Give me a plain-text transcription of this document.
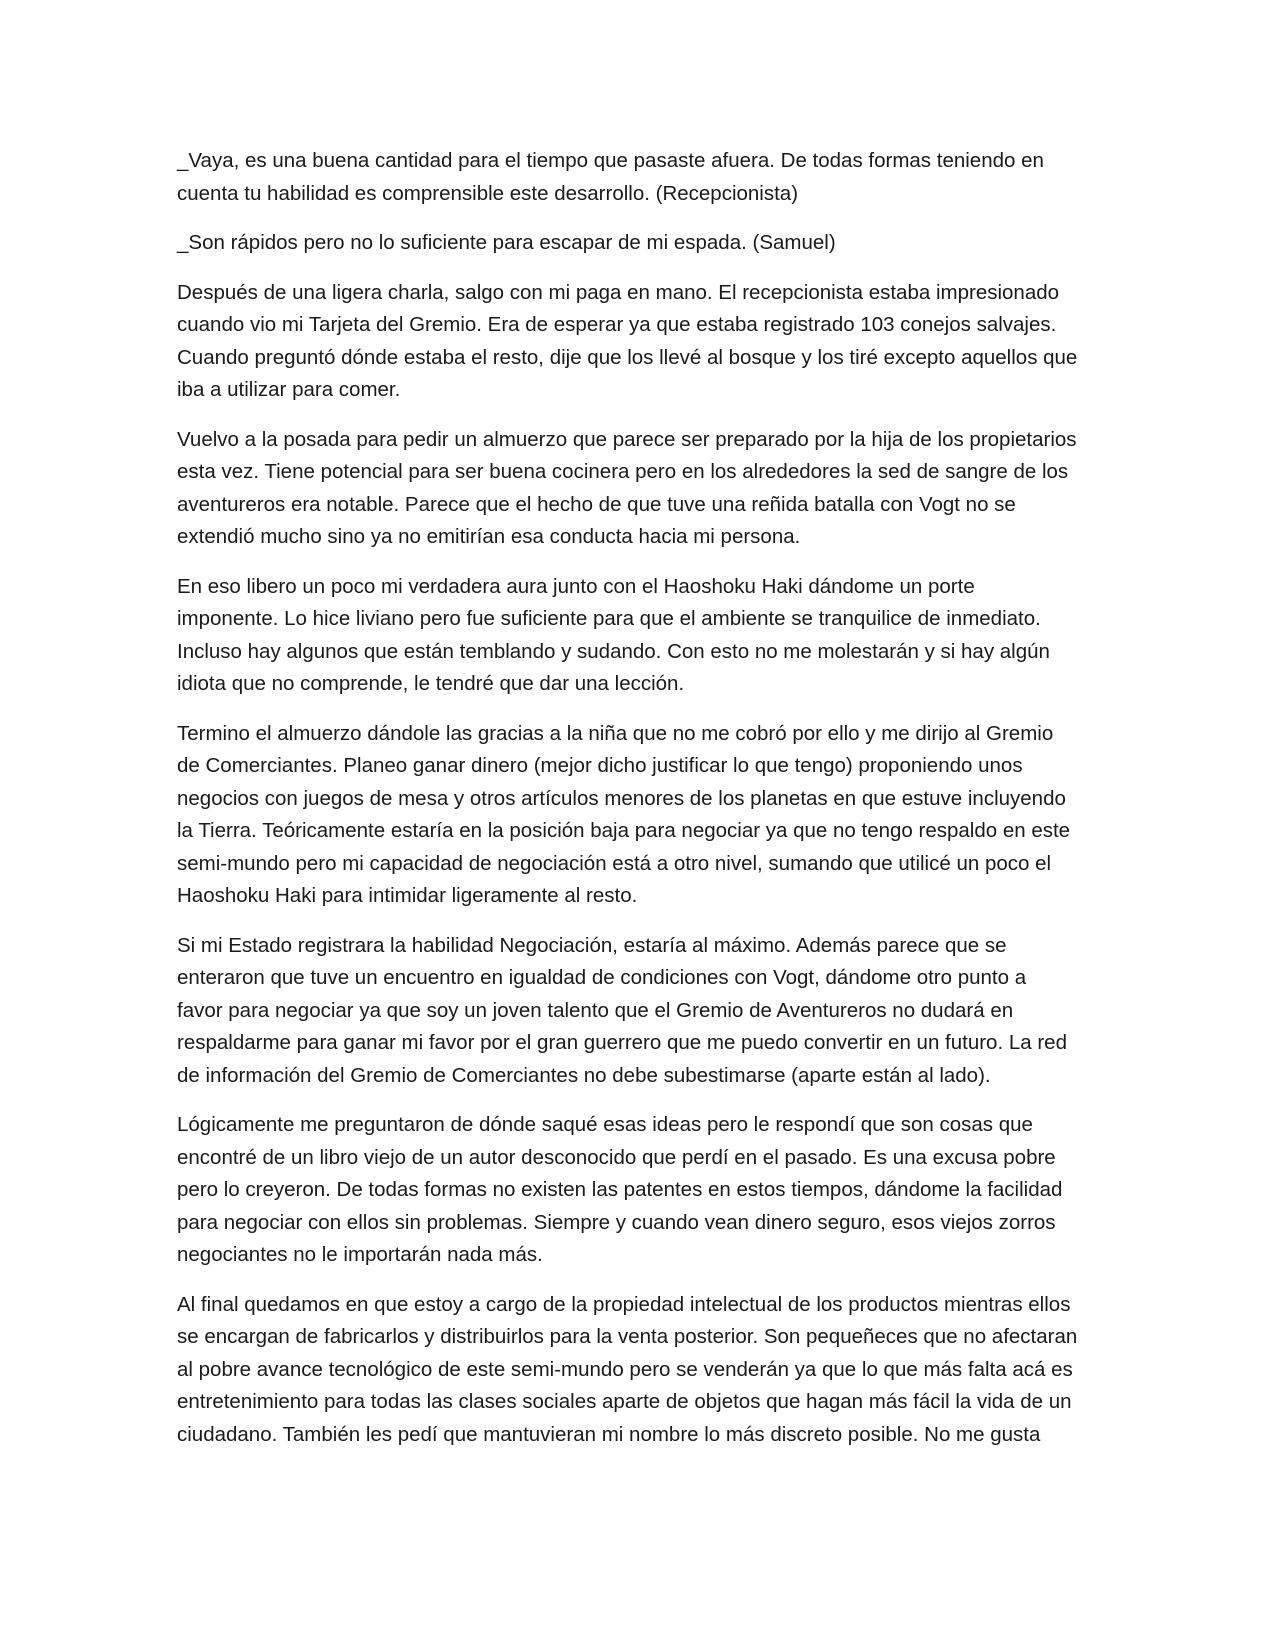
_Vaya, es una buena cantidad para el tiempo que pasaste afuera. De todas formas teniendo en
cuenta tu habilidad es comprensible este desarrollo. (Recepcionista)

_Son rápidos pero no lo suficiente para escapar de mi espada. (Samuel)

Después de una ligera charla, salgo con mi paga en mano. El recepcionista estaba impresionado
cuando vio mi Tarjeta del Gremio. Era de esperar ya que estaba registrado 103 conejos salvajes.
Cuando preguntó dónde estaba el resto, dije que los llevé al bosque y los tiré excepto aquellos que
iba a utilizar para comer.

Vuelvo a la posada para pedir un almuerzo que parece ser preparado por la hija de los propietarios
esta vez. Tiene potencial para ser buena cocinera pero en los alrededores la sed de sangre de los
aventureros era notable. Parece que el hecho de que tuve una reñida batalla con Vogt no se
extendió mucho sino ya no emitirían esa conducta hacia mi persona.

En eso libero un poco mi verdadera aura junto con el Haoshoku Haki dándome un porte
imponente. Lo hice liviano pero fue suficiente para que el ambiente se tranquilice de inmediato.
Incluso hay algunos que están temblando y sudando. Con esto no me molestarán y si hay algún
idiota que no comprende, le tendré que dar una lección.

Termino el almuerzo dándole las gracias a la niña que no me cobró por ello y me dirijo al Gremio
de Comerciantes. Planeo ganar dinero (mejor dicho justificar lo que tengo) proponiendo unos
negocios con juegos de mesa y otros artículos menores de los planetas en que estuve incluyendo
la Tierra. Teóricamente estaría en la posición baja para negociar ya que no tengo respaldo en este
semi-mundo pero mi capacidad de negociación está a otro nivel, sumando que utilicé un poco el
Haoshoku Haki para intimidar ligeramente al resto.

Si mi Estado registrara la habilidad Negociación, estaría al máximo. Además parece que se
enteraron que tuve un encuentro en igualdad de condiciones con Vogt, dándome otro punto a
favor para negociar ya que soy un joven talento que el Gremio de Aventureros no dudará en
respaldarme para ganar mi favor por el gran guerrero que me puedo convertir en un futuro. La red
de información del Gremio de Comerciantes no debe subestimarse (aparte están al lado).

Lógicamente me preguntaron de dónde saqué esas ideas pero le respondí que son cosas que
encontré de un libro viejo de un autor desconocido que perdí en el pasado. Es una excusa pobre
pero lo creyeron. De todas formas no existen las patentes en estos tiempos, dándome la facilidad
para negociar con ellos sin problemas. Siempre y cuando vean dinero seguro, esos viejos zorros
negociantes no le importarán nada más.

Al final quedamos en que estoy a cargo de la propiedad intelectual de los productos mientras ellos
se encargan de fabricarlos y distribuirlos para la venta posterior. Son pequeñeces que no afectaran
al pobre avance tecnológico de este semi-mundo pero se venderán ya que lo que más falta acá es
entretenimiento para todas las clases sociales aparte de objetos que hagan más fácil la vida de un
ciudadano. También les pedí que mantuvieran mi nombre lo más discreto posible. No me gusta
